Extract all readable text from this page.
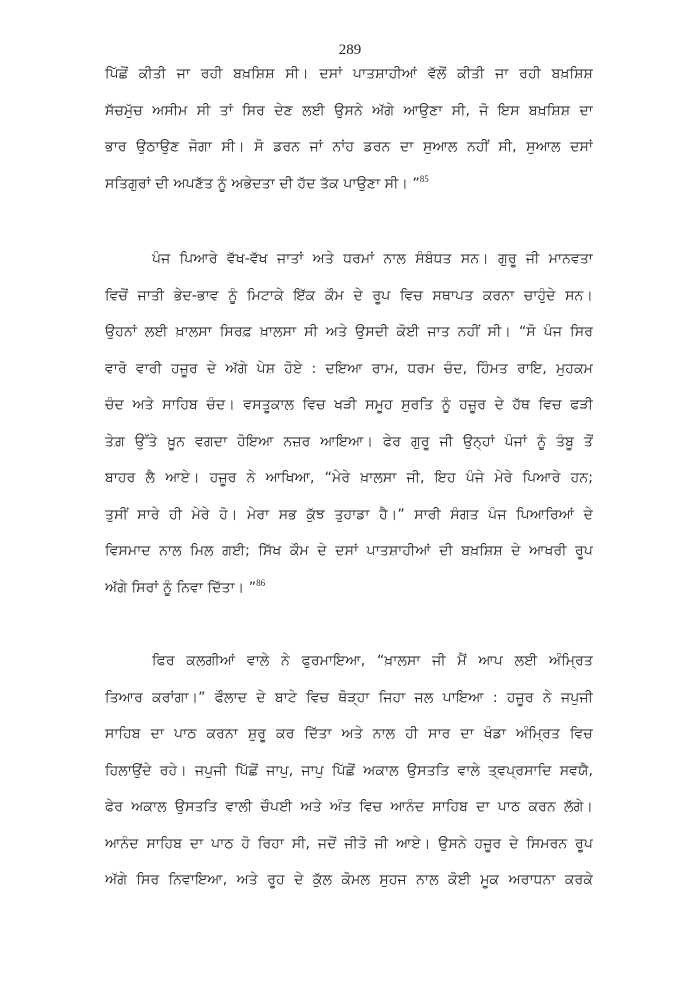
289
ਪਿੱਛੋਂ ਕੀਤੀ ਜਾ ਰਹੀ ਬਖ਼ਸ਼ਿਸ਼ ਸੀ। ਦਸਾਂ ਪਾਤਸ਼ਾਹੀਆਂ ਵੱਲੋਂ ਕੀਤੀ ਜਾ ਰਹੀ ਬਖ਼ਸ਼ਿਸ਼
ਸੱਚਮੁੱਚ ਅਸੀਮ ਸੀ ਤਾਂ ਸਿਰ ਦੇਣ ਲਈ ਉਸਨੇ ਅੱਗੇ ਆਉਣਾ ਸੀ, ਜੋ ਇਸ ਬਖ਼ਸ਼ਿਸ਼ ਦਾ
ਭਾਰ ਉਠਾਉਣ ਜੋਗਾ ਸੀ। ਸੋ ਡਰਨ ਜਾਂ ਨਾਂਹ ਡਰਨ ਦਾ ਸੁਆਲ ਨਹੀਂ ਸੀ, ਸੁਆਲ ਦਸਾਂ
ਸਤਿਗੁਰਾਂ ਦੀ ਅਪਣੱਤ ਨੂੰ ਅਭੇਦਤਾ ਦੀ ਹੱਦ ਤੱਕ ਪਾਉਣਾ ਸੀ। ”$^{85}$
ਪੰਜ ਪਿਆਰੇ ਵੱਖ-ਵੱਖ ਜਾਤਾਂ ਅਤੇ ਧਰਮਾਂ ਨਾਲ ਸੰਬੰਧਤ ਸਨ। ਗੁਰੂ ਜੀ ਮਾਨਵਤਾ
ਵਿਚੋਂ ਜਾਤੀ ਭੇਦ-ਭਾਵ ਨੂੰ ਮਿਟਾਕੇ ਇੱਕ ਕੌਮ ਦੇ ਰੂਪ ਵਿਚ ਸਥਾਪਤ ਕਰਨਾ ਚਾਹੁੰਦੇ ਸਨ।
ਉਹਨਾਂ ਲਈ ਖ਼ਾਲਸਾ ਸਿਰਫ਼ ਖ਼ਾਲਸਾ ਸੀ ਅਤੇ ਉਸਦੀ ਕੋਈ ਜਾਤ ਨਹੀਂ ਸੀ। “ਸੋ ਪੰਜ ਸਿਰ
ਵਾਰੋ ਵਾਰੀ ਹਜ਼ੂਰ ਦੇ ਅੱਗੇ ਪੇਸ਼ ਹੋਏ : ਦਇਆ ਰਾਮ, ਧਰਮ ਚੰਦ, ਹਿੰਮਤ ਰਾਇ, ਮੁਹਕਮ
ਚੰਦ ਅਤੇ ਸਾਹਿਬ ਚੰਦ। ਵਸਤੂਕਾਲ ਵਿਚ ਖੜੀ ਸਮੂਹ ਸੁਰਤਿ ਨੂੰ ਹਜ਼ੂਰ ਦੇ ਹੱਥ ਵਿਚ ਫੜੀ
ਤੇਗ਼ ਉੱਤੇ ਖ਼ੂਨ ਵਗਦਾ ਹੋਇਆ ਨਜ਼ਰ ਆਇਆ। ਫੇਰ ਗੁਰੂ ਜੀ ਉਨ੍ਹਾਂ ਪੰਜਾਂ ਨੂੰ ਤੰਬੂ ਤੋਂ
ਬਾਹਰ ਲੈ ਆਏ। ਹਜ਼ੂਰ ਨੇ ਆਖਿਆ, “ਮੇਰੇ ਖ਼ਾਲਸਾ ਜੀ, ਇਹ ਪੰਜੇ ਮੇਰੇ ਪਿਆਰੇ ਹਨ;
ਤੁਸੀਂ ਸਾਰੇ ਹੀ ਮੇਰੇ ਹੋ। ਮੇਰਾ ਸਭ ਕੁੱਝ ਤੁਹਾਡਾ ਹੈ।” ਸਾਰੀ ਸੰਗਤ ਪੰਜ ਪਿਆਰਿਆਂ ਦੇ
ਵਿਸਮਾਦ ਨਾਲ ਮਿਲ ਗਈ; ਸਿੱਖ ਕੌਮ ਦੇ ਦਸਾਂ ਪਾਤਸ਼ਾਹੀਆਂ ਦੀ ਬਖ਼ਸ਼ਿਸ਼ ਦੇ ਆਖਰੀ ਰੂਪ
ਅੱਗੇ ਸਿਰਾਂ ਨੂੰ ਨਿਵਾ ਦਿੱਤਾ। ”$^{86}$
ਫਿਰ ਕਲਗੀਆਂ ਵਾਲੇ ਨੇ ਫੁਰਮਾਇਆ, “ਖ਼ਾਲਸਾ ਜੀ ਮੈਂ ਆਪ ਲਈ ਅੰਮ੍ਰਿਤ
ਤਿਆਰ ਕਰਾਂਗਾ।” ਫੌਲਾਦ ਦੇ ਬਾਟੇ ਵਿਚ ਥੋੜ੍ਹਾ ਜਿਹਾ ਜਲ ਪਾਇਆ : ਹਜ਼ੂਰ ਨੇ ਜਪੁਜੀ
ਸਾਹਿਬ ਦਾ ਪਾਠ ਕਰਨਾ ਸ਼ੁਰੂ ਕਰ ਦਿੱਤਾ ਅਤੇ ਨਾਲ ਹੀ ਸਾਰ ਦਾ ਖੰਡਾ ਅੰਮ੍ਰਿਤ ਵਿਚ
ਹਿਲਾਉਂਦੇ ਰਹੇ। ਜਪੁਜੀ ਪਿੱਛੋਂ ਜਾਪੁ, ਜਾਪੁ ਪਿੱਛੋਂ ਅਕਾਲ ਉਸਤਤਿ ਵਾਲੇ ਤ੍ਵਪ੍ਰਸਾਦਿ ਸਵਯੈ,
ਫੇਰ ਅਕਾਲ ਉਸਤਤਿ ਵਾਲੀ ਚੌਪਈ ਅਤੇ ਅੰਤ ਵਿਚ ਆਨੰਦ ਸਾਹਿਬ ਦਾ ਪਾਠ ਕਰਨ ਲੱਗੇ।
ਆਨੰਦ ਸਾਹਿਬ ਦਾ ਪਾਠ ਹੋ ਰਿਹਾ ਸੀ, ਜਦੋਂ ਜੀਤੋ ਜੀ ਆਏ। ਉਸਨੇ ਹਜ਼ੂਰ ਦੇ ਸਿਮਰਨ ਰੂਪ
ਅੱਗੇ ਸਿਰ ਨਿਵਾਇਆ, ਅਤੇ ਰੂਹ ਦੇ ਕੁੱਲ ਕੋਮਲ ਸੁਹਜ ਨਾਲ ਕੋਈ ਮੂਕ ਅਰਾਧਨਾ ਕਰਕੇ
